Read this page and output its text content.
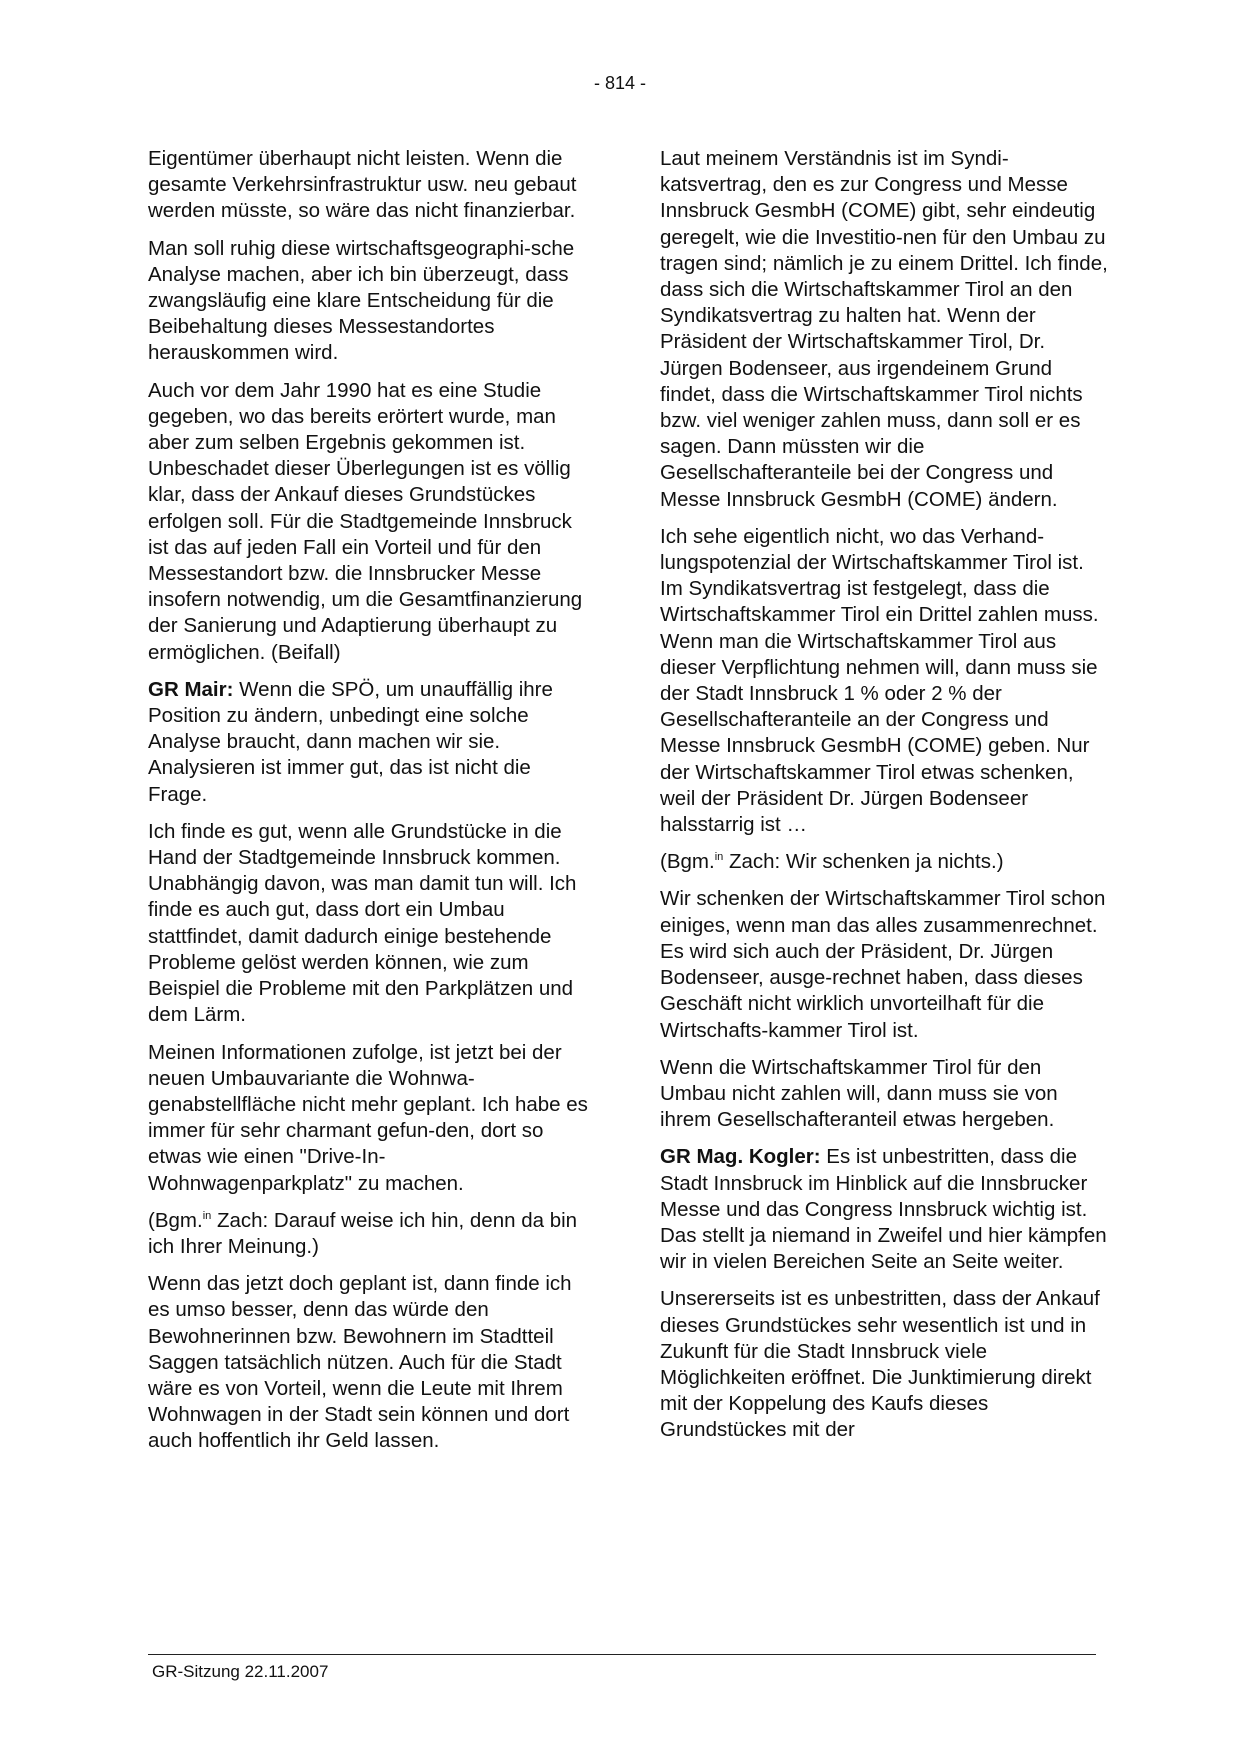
- 814 -

Eigentümer überhaupt nicht leisten. Wenn die gesamte Verkehrsinfrastruktur usw. neu gebaut werden müsste, so wäre das nicht finanzierbar.

Man soll ruhig diese wirtschaftsgeographi-sche Analyse machen, aber ich bin überzeugt, dass zwangsläufig eine klare Entscheidung für die Beibehaltung dieses Messestandortes herauskommen wird.

Auch vor dem Jahr 1990 hat es eine Studie gegeben, wo das bereits erörtert wurde, man aber zum selben Ergebnis gekommen ist. Unbeschadet dieser Überlegungen ist es völlig klar, dass der Ankauf dieses Grundstückes erfolgen soll. Für die Stadtgemeinde Innsbruck ist das auf jeden Fall ein Vorteil und für den Messestandort bzw. die Innsbrucker Messe insofern notwendig, um die Gesamtfinanzierung der Sanierung und Adaptierung überhaupt zu ermöglichen. (Beifall)

GR Mair: Wenn die SPÖ, um unauffällig ihre Position zu ändern, unbedingt eine solche Analyse braucht, dann machen wir sie. Analysieren ist immer gut, das ist nicht die Frage.

Ich finde es gut, wenn alle Grundstücke in die Hand der Stadtgemeinde Innsbruck kommen. Unabhängig davon, was man damit tun will. Ich finde es auch gut, dass dort ein Umbau stattfindet, damit dadurch einige bestehende Probleme gelöst werden können, wie zum Beispiel die Probleme mit den Parkplätzen und dem Lärm.

Meinen Informationen zufolge, ist jetzt bei der neuen Umbauvariante die Wohnwa-genabstellfläche nicht mehr geplant. Ich habe es immer für sehr charmant gefun-den, dort so etwas wie einen "Drive-In-Wohnwagenparkplatz" zu machen.

(Bgm.$^{in}$ Zach: Darauf weise ich hin, denn da bin ich Ihrer Meinung.)

Wenn das jetzt doch geplant ist, dann finde ich es umso besser, denn das würde den Bewohnerinnen bzw. Bewohnern im Stadtteil Saggen tatsächlich nützen. Auch für die Stadt wäre es von Vorteil, wenn die Leute mit Ihrem Wohnwagen in der Stadt sein können und dort auch hoffentlich ihr Geld lassen.

Laut meinem Verständnis ist im Syndi-katsvertrag, den es zur Congress und Messe Innsbruck GesmbH (COME) gibt, sehr eindeutig geregelt, wie die Investitio-nen für den Umbau zu tragen sind; nämlich je zu einem Drittel. Ich finde, dass sich die Wirtschaftskammer Tirol an den Syndikatsvertrag zu halten hat. Wenn der Präsident der Wirtschaftskammer Tirol, Dr. Jürgen Bodenseer, aus irgendeinem Grund findet, dass die Wirtschaftskammer Tirol nichts bzw. viel weniger zahlen muss, dann soll er es sagen. Dann müssten wir die Gesellschafteranteile bei der Congress und Messe Innsbruck GesmbH (COME) ändern.

Ich sehe eigentlich nicht, wo das Verhand-lungspotenzial der Wirtschaftskammer Tirol ist. Im Syndikatsvertrag ist festgelegt, dass die Wirtschaftskammer Tirol ein Drittel zahlen muss. Wenn man die Wirtschaftskammer Tirol aus dieser Verpflichtung nehmen will, dann muss sie der Stadt Innsbruck 1 % oder 2 % der Gesellschafteranteile an der Congress und Messe Innsbruck GesmbH (COME) geben. Nur der Wirtschaftskammer Tirol etwas schenken, weil der Präsident Dr. Jürgen Bodenseer halsstarrig ist …

(Bgm.$^{in}$ Zach: Wir schenken ja nichts.)

Wir schenken der Wirtschaftskammer Tirol schon einiges, wenn man das alles zusammenrechnet. Es wird sich auch der Präsident, Dr. Jürgen Bodenseer, ausge-rechnet haben, dass dieses Geschäft nicht wirklich unvorteilhaft für die Wirtschafts-kammer Tirol ist.

Wenn die Wirtschaftskammer Tirol für den Umbau nicht zahlen will, dann muss sie von ihrem Gesellschafteranteil etwas hergeben.

GR Mag. Kogler: Es ist unbestritten, dass die Stadt Innsbruck im Hinblick auf die Innsbrucker Messe und das Congress Innsbruck wichtig ist. Das stellt ja niemand in Zweifel und hier kämpfen wir in vielen Bereichen Seite an Seite weiter.

Unsererseits ist es unbestritten, dass der Ankauf dieses Grundstückes sehr wesentlich ist und in Zukunft für die Stadt Innsbruck viele Möglichkeiten eröffnet. Die Junktimierung direkt mit der Koppelung des Kaufs dieses Grundstückes mit der

GR-Sitzung 22.11.2007
